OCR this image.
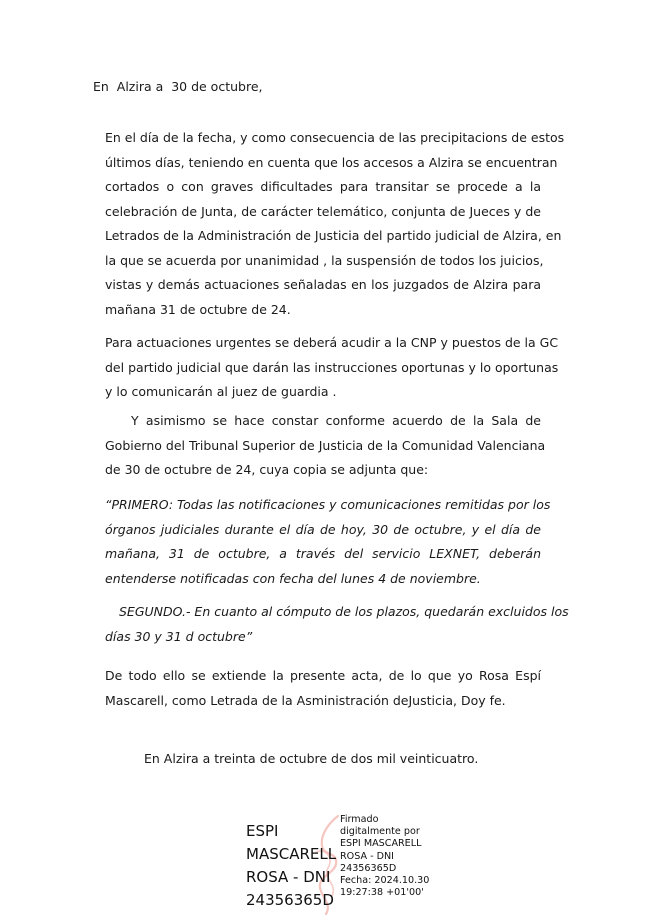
En  Alzira a  30 de octubre,
En el día de la fecha, y como consecuencia de las precipitacions de estos
últimos días, teniendo en cuenta que los accesos a Alzira se encuentran
cortados o con graves dificultades para transitar se procede a la
celebración de Junta, de carácter telemático, conjunta de Jueces y de
Letrados de la Administración de Justicia del partido judicial de Alzira, en
la que se acuerda por unanimidad , la suspensión de todos los juicios,
vistas y demás actuaciones señaladas en los juzgados de Alzira para
mañana 31 de octubre de 24.
Para actuaciones urgentes se deberá acudir a la CNP y puestos de la GC
del partido judicial que darán las instrucciones oportunas y lo oportunas
y lo comunicarán al juez de guardia .
Y asimismo se hace constar conforme acuerdo de la Sala de
Gobierno del Tribunal Superior de Justicia de la Comunidad Valenciana
de 30 de octubre de 24, cuya copia se adjunta que:
“PRIMERO: Todas las notificaciones y comunicaciones remitidas por los
órganos judiciales durante el día de hoy, 30 de octubre, y el día de
mañana, 31 de octubre, a través del servicio LEXNET, deberán
entenderse notificadas con fecha del lunes 4 de noviembre.
SEGUNDO.- En cuanto al cómputo de los plazos, quedarán excluidos los
días 30 y 31 d octubre”
De todo ello se extiende la presente acta, de lo que yo Rosa Espí
Mascarell, como Letrada de la Asministración deJusticia, Doy fe.
En Alzira a treinta de octubre de dos mil veinticuatro.
ESPI
MASCARELL
ROSA - DNI
24356365D
Firmado
digitalmente por
ESPI MASCARELL
ROSA - DNI
24356365D
Fecha: 2024.10.30
19:27:38 +01'00'
